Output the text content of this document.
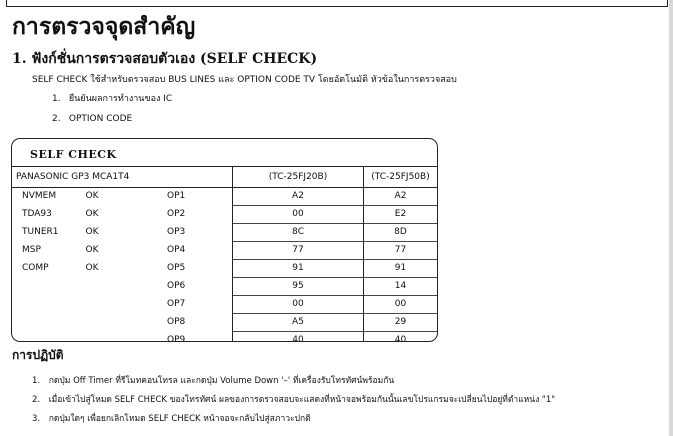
การตรวจจุดสำคัญ
1. ฟังก์ชั่นการตรวจสอบตัวเอง (SELF CHECK)
SELF CHECK ใช้สำหรับตรวจสอบ BUS LINES และ OPTION CODE TV โดยอัตโนมัติ หัวข้อในการตรวจสอบ
1. ยืนยันผลการทำงานของ IC
2. OPTION CODE
SELF CHECK
PANASONIC GP3 MCA1T4			(TC-25FJ20B)	(TC-25FJ50B)
NVMEM	OK	OP1	A2	A2
TDA93	OK	OP2	00	E2
TUNER1	OK	OP3	8C	8D
MSP	OK	OP4	77	77
COMP	OK	OP5	91	91
		OP6	95	14
		OP7	00	00
		OP8	A5	29
		OP9	40	40
การปฏิบัติ
1. กดปุ่ม Off Timer ที่รีโมทคอนโทรล และกดปุ่ม Volume Down '–' ที่เครื่องรับโทรทัศน์พร้อมกัน
2. เมื่อเข้าไปสู่โหมด SELF CHECK ของโทรทัศน์ ผลของการตรวจสอบจะแสดงที่หน้าจอพร้อมกันนั้นเลขโปรแกรมจะเปลี่ยนไปอยู่ที่ตำแหน่ง "1"
3. กดปุ่มใดๆ เพื่อยกเลิกโหมด SELF CHECK หน้าจอจะกลับไปสู่สภาวะปกติ
